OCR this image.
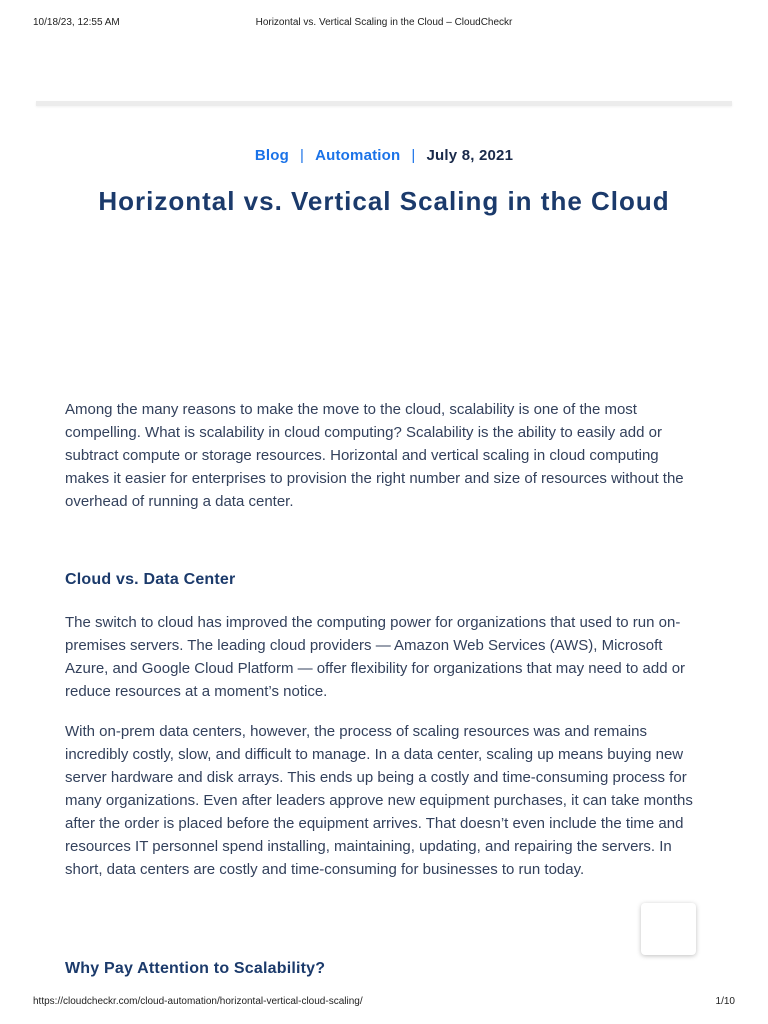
10/18/23, 12:55 AM	Horizontal vs. Vertical Scaling in the Cloud – CloudCheckr
Blog | Automation | July 8, 2021
Horizontal vs. Vertical Scaling in the Cloud

Among the many reasons to make the move to the cloud, scalability is one of the most compelling. What is scalability in cloud computing? Scalability is the ability to easily add or subtract compute or storage resources. Horizontal and vertical scaling in cloud computing makes it easier for enterprises to provision the right number and size of resources without the overhead of running a data center.

Cloud vs. Data Center

The switch to cloud has improved the computing power for organizations that used to run on-premises servers. The leading cloud providers — Amazon Web Services (AWS), Microsoft Azure, and Google Cloud Platform — offer flexibility for organizations that may need to add or reduce resources at a moment’s notice.

With on-prem data centers, however, the process of scaling resources was and remains incredibly costly, slow, and difficult to manage. In a data center, scaling up means buying new server hardware and disk arrays. This ends up being a costly and time-consuming process for many organizations. Even after leaders approve new equipment purchases, it can take months after the order is placed before the equipment arrives. That doesn’t even include the time and resources IT personnel spend installing, maintaining, updating, and repairing the servers. In short, data centers are costly and time-consuming for businesses to run today.

Why Pay Attention to Scalability?
https://cloudcheckr.com/cloud-automation/horizontal-vertical-cloud-scaling/	1/10
